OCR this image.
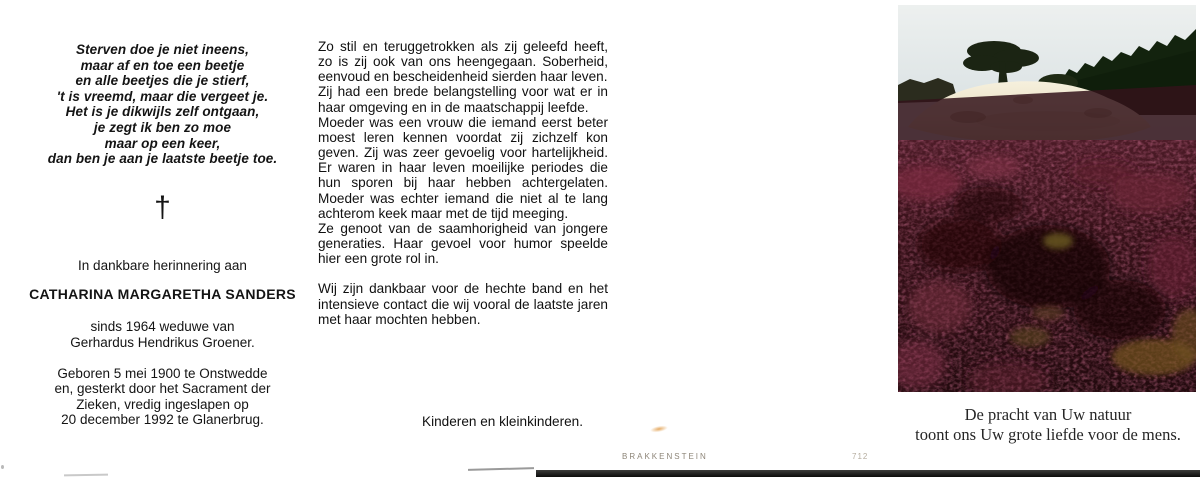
Sterven doe je niet ineens,
maar af en toe een beetje
en alle beetjes die je stierf,
't is vreemd, maar die vergeet je.
Het is je dikwijls zelf ontgaan,
je zegt ik ben zo moe
maar op een keer,
dan ben je aan je laatste beetje toe.
†
In dankbare herinnering aan
CATHARINA MARGARETHA SANDERS
sinds 1964 weduwe van
Gerhardus Hendrikus Groener.
Geboren 5 mei 1900 te Onstwedde
en, gesterkt door het Sacrament der
Zieken, vredig ingeslapen op
20 december 1992 te Glanerbrug.

Zo stil en teruggetrokken als zij geleefd heeft, zo is zij ook van ons heengegaan. Soberheid, eenvoud en bescheidenheid sierden haar leven.

Zij had een brede belangstelling voor wat er in haar omgeving en in de maatschappij leefde.

Moeder was een vrouw die iemand eerst beter moest leren kennen voordat zij zichzelf kon geven. Zij was zeer gevoelig voor hartelijkheid. Er waren in haar leven moeilijke periodes die hun sporen bij haar hebben achtergelaten. Moeder was echter iemand die niet al te lang achterom keek maar met de tijd meeging.

Ze genoot van de saamhorigheid van jongere generaties. Haar gevoel voor humor speelde hier een grote rol in.

Wij zijn dankbaar voor de hechte band en het intensieve contact die wij vooral de laatste jaren met haar mochten hebben.

Kinderen en kleinkinderen.	De pracht van Uw natuur
toont ons Uw grote liefde voor de mens.
BRAKKENSTEIN	712
